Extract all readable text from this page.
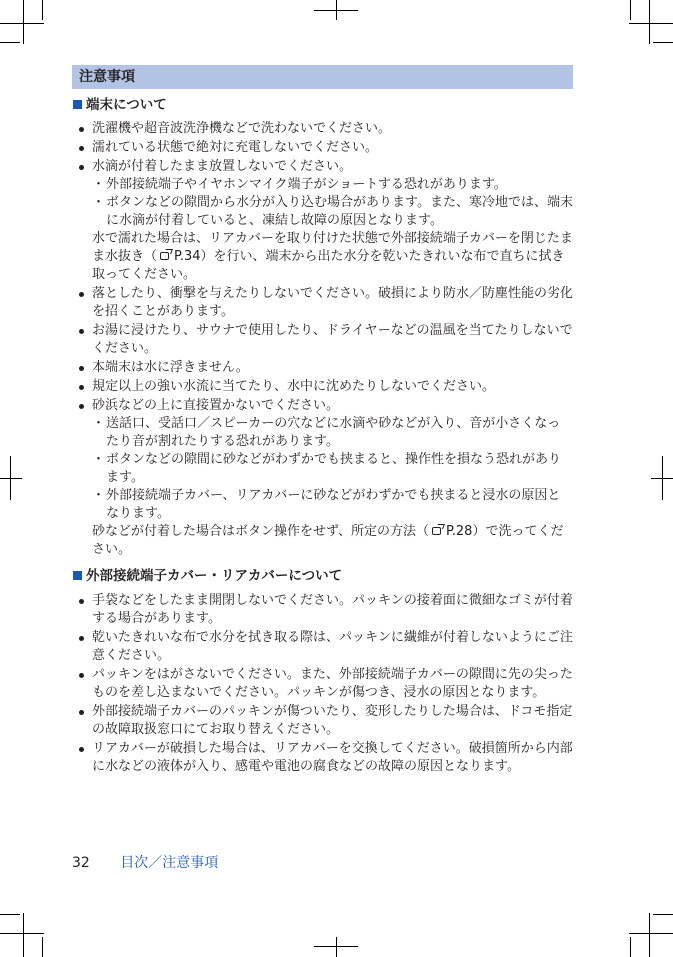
注意事項
端末について
洗濯機や超音波洗浄機などで洗わないでください。
濡れている状態で絶対に充電しないでください。
水滴が付着したまま放置しないでください。
・ 外部接続端子やイヤホンマイク端子がショートする恐れがあります。
・ ボタンなどの隙間から水分が入り込む場合があります。また、寒冷地では、端末に水滴が付着していると、凍結し故障の原因となります。
水で濡れた場合は、リアカバーを取り付けた状態で外部接続端子カバーを閉じたまま水抜き（ P.34）を行い、端末から出た水分を乾いたきれいな布で直ちに拭き取ってください。
落としたり、衝撃を与えたりしないでください。破損により防水／防塵性能の劣化を招くことがあります。
お湯に浸けたり、サウナで使用したり、ドライヤーなどの温風を当てたりしないでください。
本端末は水に浮きません。
規定以上の強い水流に当てたり、水中に沈めたりしないでください。
砂浜などの上に直接置かないでください。
・ 送話口、受話口／スピーカーの穴などに水滴や砂などが入り、音が小さくなったり音が割れたりする恐れがあります。
・ ボタンなどの隙間に砂などがわずかでも挟まると、操作性を損なう恐れがあります。
・ 外部接続端子カバー、リアカバーに砂などがわずかでも挟まると浸水の原因となります。
砂などが付着した場合はボタン操作をせず、所定の方法（ P.28）で洗ってください。
外部接続端子カバー・リアカバーについて
手袋などをしたまま開閉しないでください。パッキンの接着面に微細なゴミが付着する場合があります。
乾いたきれいな布で水分を拭き取る際は、パッキンに繊維が付着しないようにご注意ください。
パッキンをはがさないでください。また、外部接続端子カバーの隙間に先の尖ったものを差し込まないでください。パッキンが傷つき、浸水の原因となります。
外部接続端子カバーのパッキンが傷ついたり、変形したりした場合は、ドコモ指定の故障取扱窓口にてお取り替えください。
リアカバーが破損した場合は、リアカバーを交換してください。破損箇所から内部に水などの液体が入り、感電や電池の腐食などの故障の原因となります。
32 目次／注意事項
